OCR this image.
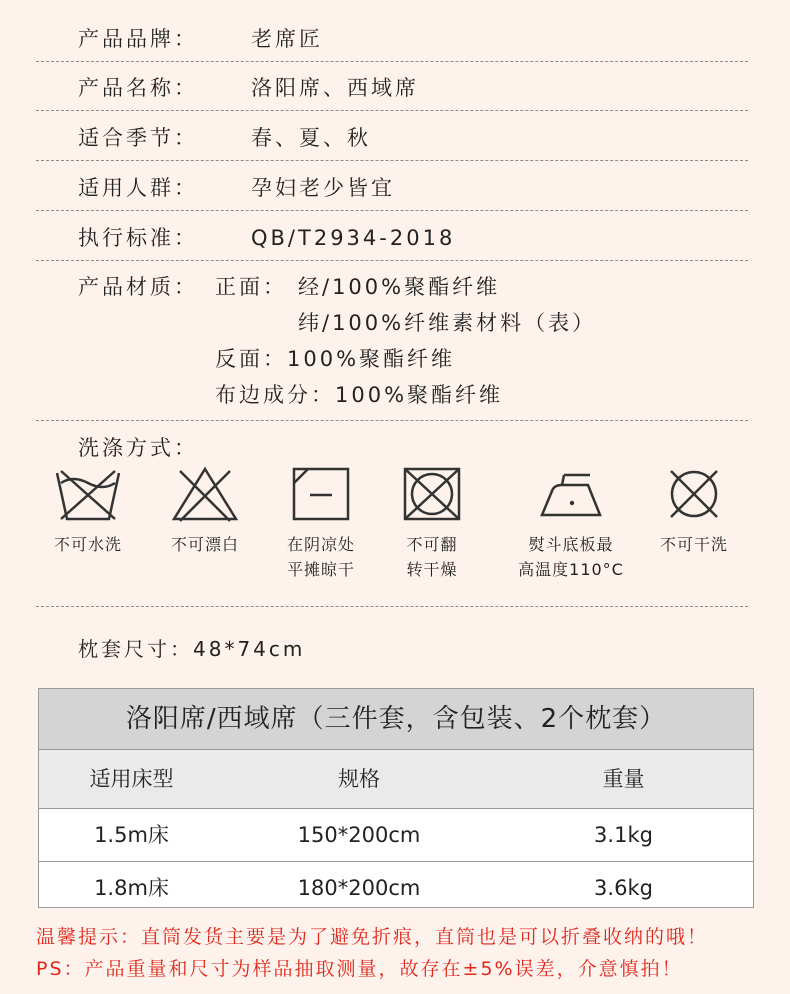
产品品牌：	老席匠
产品名称：	洛阳席、西域席
适合季节：	春、夏、秋
适用人群：	孕妇老少皆宜
执行标准：	QB/T2934-2018
产品材质： 正面： 经/100%聚酯纤维
纬/100%纤维素材料（表）
反面：100%聚酯纤维
布边成分：100%聚酯纤维
洗涤方式：
不可水洗	不可漂白	在阴凉处
平摊晾干
不可翻
转干燥
熨斗底板最
高温度110°C
不可干洗
枕套尺寸：48*74cm
洛阳席/西域席（三件套，含包装、2个枕套）
适用床型	规格	重量
1.5m床	150*200cm	3.1kg
1.8m床	180*200cm	3.6kg
温馨提示：直筒发货主要是为了避免折痕，直筒也是可以折叠收纳的哦！
PS：产品重量和尺寸为样品抽取测量，故存在±5%误差，介意慎拍！
